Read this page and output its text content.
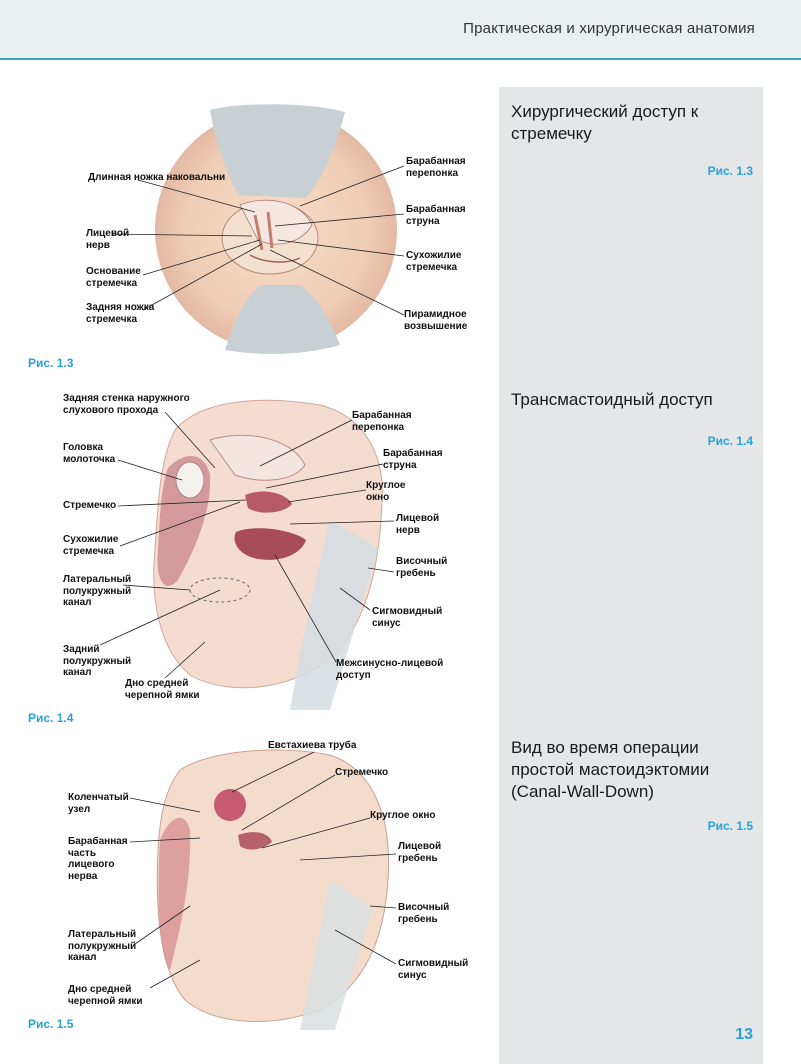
Практическая и хирургическая анатомия
Хирургический доступ к стремечку
Рис. 1.3
Трансмастоидный доступ
Рис. 1.4
Вид во время операции простой мастоидэктомии (Canal-Wall-Down)
Рис. 1.5
13
Длинная ножка наковальни
Лицевой нерв
Основание стремечка
Задняя ножка стремечка
Барабанная перепонка
Барабанная струна
Сухожилие стремечка
Пирамидное возвышение
Рис. 1.3
Задняя стенка наружного слухового прохода
Головка молоточка
Стремечко
Сухожилие стремечка
Латеральный полукружный канал
Задний полукружный канал
Дно средней черепной ямки
Барабанная перепонка
Барабанная струна
Круглое окно
Лицевой нерв
Височный гребень
Сигмовидный синус
Межсинусно-лицевой доступ
Рис. 1.4
Евстахиева труба
Стремечко
Коленчатый узел
Барабанная часть лицевого нерва
Круглое окно
Лицевой гребень
Латеральный полукружный канал
Височный гребень
Дно средней черепной ямки
Сигмовидный синус
Рис. 1.5
